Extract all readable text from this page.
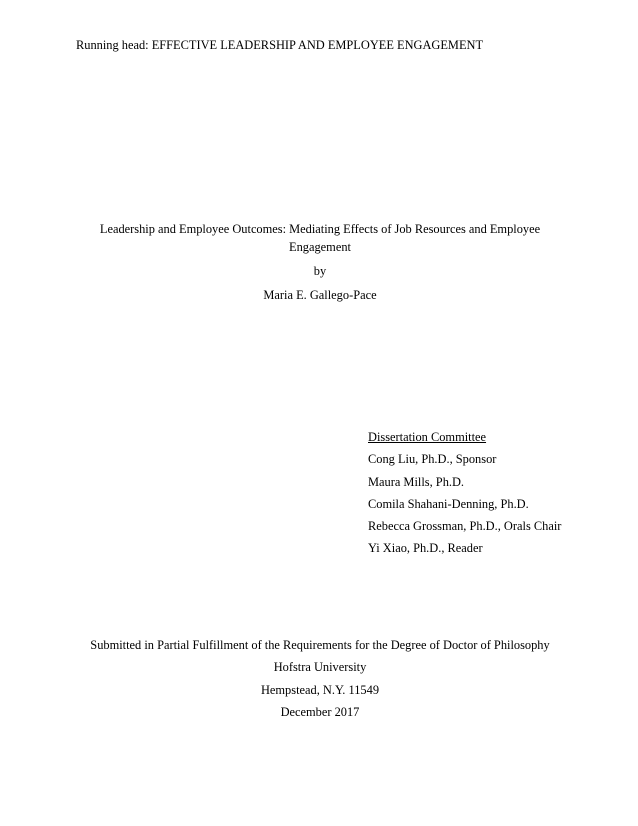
Running head: EFFECTIVE LEADERSHIP AND EMPLOYEE ENGAGEMENT
Leadership and Employee Outcomes: Mediating Effects of Job Resources and Employee
Engagement
by
Maria E. Gallego-Pace
Dissertation Committee
Cong Liu, Ph.D., Sponsor
Maura Mills, Ph.D.
Comila Shahani-Denning, Ph.D.
Rebecca Grossman, Ph.D., Orals Chair
Yi Xiao, Ph.D., Reader
Submitted in Partial Fulfillment of the Requirements for the Degree of Doctor of Philosophy
Hofstra University
Hempstead, N.Y. 11549
December 2017
